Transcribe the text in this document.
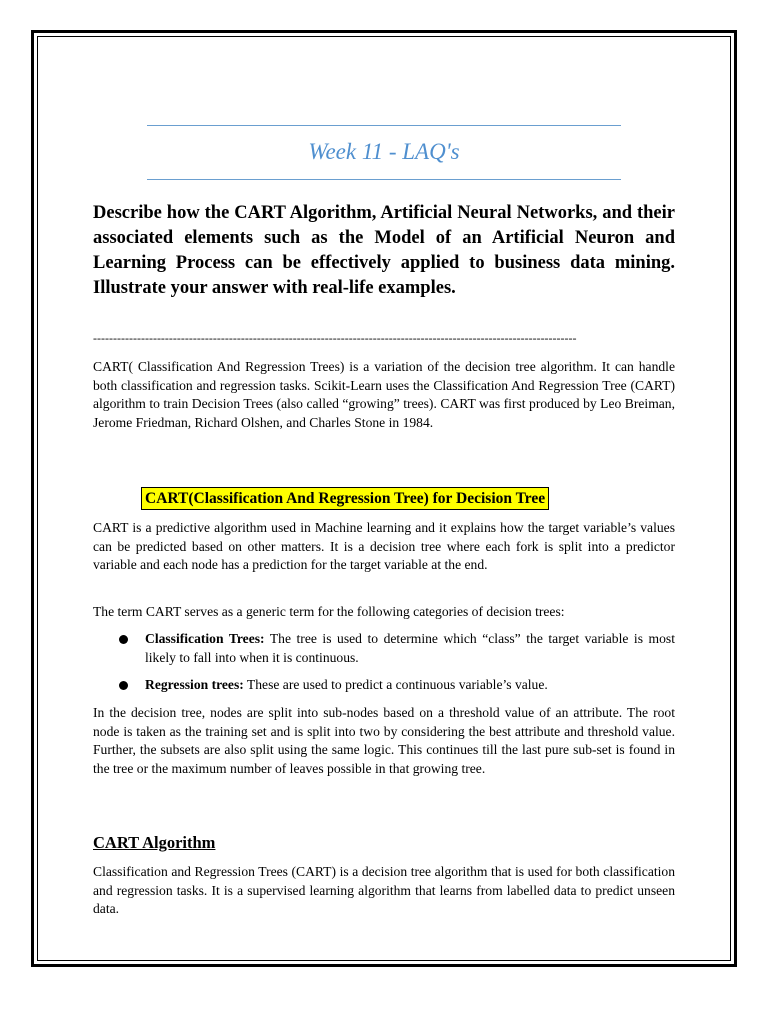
Week 11 - LAQ's
Describe how the CART Algorithm, Artificial Neural Networks, and their associated elements such as the Model of an Artificial Neuron and Learning Process can be effectively applied to business data mining. Illustrate your answer with real-life examples.
-------------------------------------------------------------------------------------------------------------------------

CART( Classification And Regression Trees) is a variation of the decision tree algorithm. It can handle both classification and regression tasks. Scikit-Learn uses the Classification And Regression Tree (CART) algorithm to train Decision Trees (also called “growing” trees). CART was first produced by Leo Breiman, Jerome Friedman, Richard Olshen, and Charles Stone in 1984.

CART(Classification And Regression Tree) for Decision Tree

CART is a predictive algorithm used in Machine learning and it explains how the target variable’s values can be predicted based on other matters. It is a decision tree where each fork is split into a predictor variable and each node has a prediction for the target variable at the end.

The term CART serves as a generic term for the following categories of decision trees:

Classification Trees: The tree is used to determine which “class” the target variable is most likely to fall into when it is continuous.
Regression trees: These are used to predict a continuous variable’s value.

In the decision tree, nodes are split into sub-nodes based on a threshold value of an attribute. The root node is taken as the training set and is split into two by considering the best attribute and threshold value. Further, the subsets are also split using the same logic. This continues till the last pure sub-set is found in the tree or the maximum number of leaves possible in that growing tree.

CART Algorithm

Classification and Regression Trees (CART) is a decision tree algorithm that is used for both classification and regression tasks. It is a supervised learning algorithm that learns from labelled data to predict unseen data.
